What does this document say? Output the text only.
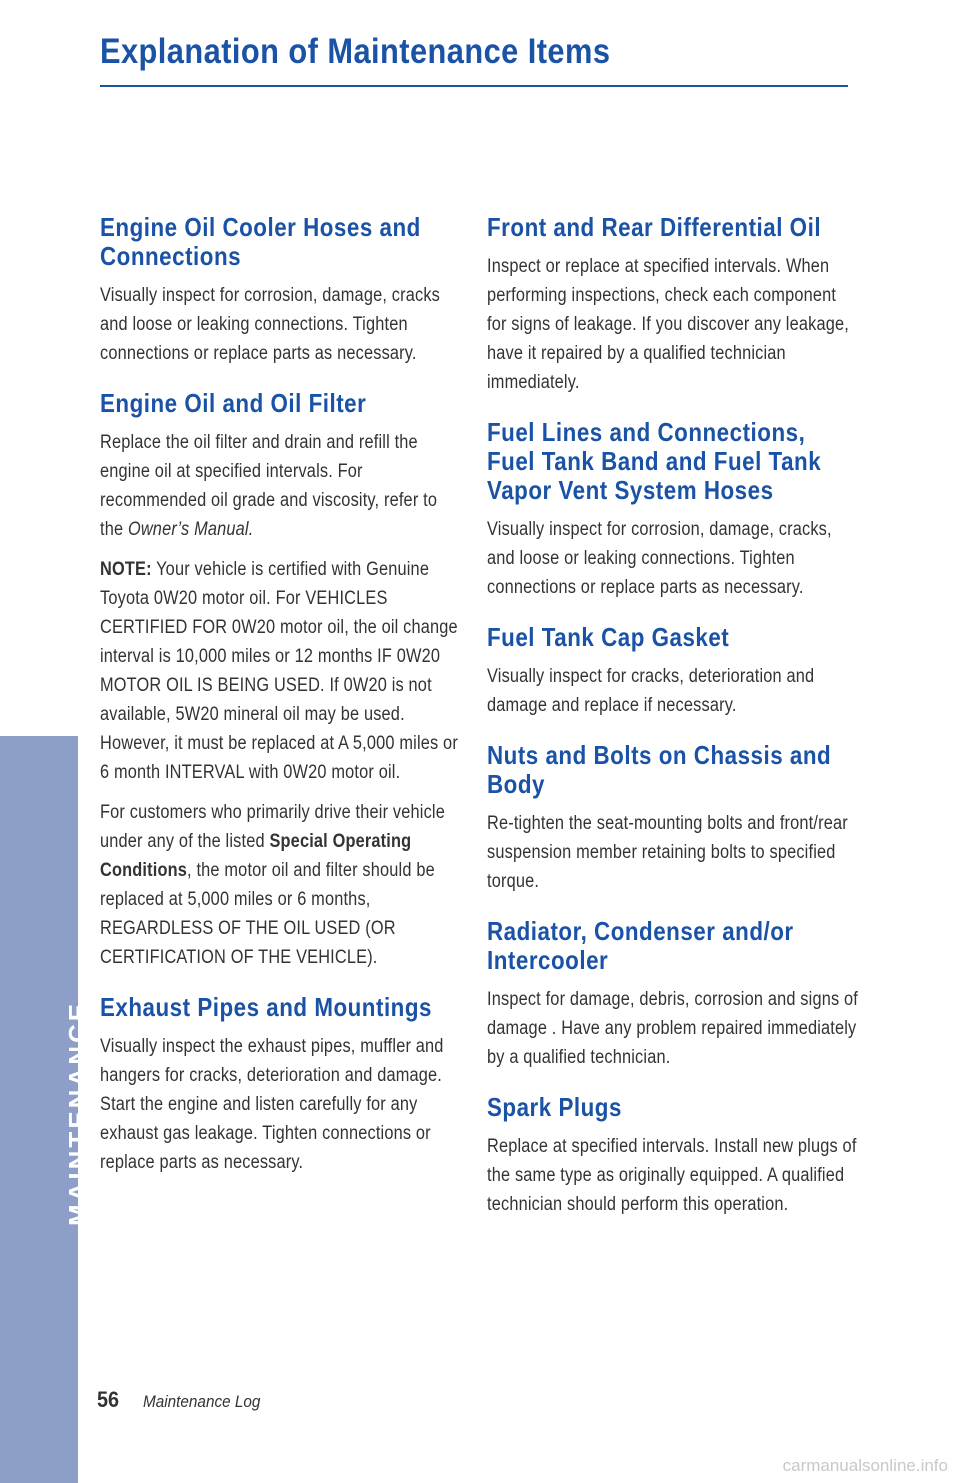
Explanation of Maintenance Items
Engine Oil Cooler Hoses and Connections

Visually inspect for corrosion, damage, cracks and loose or leaking connections. Tighten connections or replace parts as necessary.

Engine Oil and Oil Filter

Replace the oil filter and drain and refill the engine oil at specified intervals. For recommended oil grade and viscosity, refer to the Owner’s Manual.

NOTE: Your vehicle is certified with Genuine Toyota 0W20 motor oil. For VEHICLES CERTIFIED FOR 0W20 motor oil, the oil change interval is 10,000 miles or 12 months IF 0W20 MOTOR OIL IS BEING USED. If 0W20 is not available, 5W20 mineral oil may be used. However, it must be replaced at A 5,000 miles or 6 month INTERVAL with 0W20 motor oil.

For customers who primarily drive their vehicle under any of the listed Special Operating Conditions, the motor oil and filter should be replaced at 5,000 miles or 6 months, REGARDLESS OF THE OIL USED (OR CERTIFICATION OF THE VEHICLE).

Exhaust Pipes and Mountings

Visually inspect the exhaust pipes, muffler and hangers for cracks, deterioration and damage. Start the engine and listen carefully for any exhaust gas leakage. Tighten connections or replace parts as necessary.

Front and Rear Differential Oil

Inspect or replace at specified intervals. When performing inspections, check each component for signs of leakage. If you discover any leakage, have it repaired by a qualified technician immediately.

Fuel Lines and Connections, Fuel Tank Band and Fuel Tank Vapor Vent System Hoses

Visually inspect for corrosion, damage, cracks, and loose or leaking connections. Tighten connections or replace parts as necessary.

Fuel Tank Cap Gasket

Visually inspect for cracks, deterioration and damage and replace if necessary.

Nuts and Bolts on Chassis and Body

Re-tighten the seat-mounting bolts and front/rear suspension member retaining bolts to specified torque.

Radiator, Condenser and/or Intercooler

Inspect for damage, debris, corrosion and signs of damage . Have any problem repaired immediately by a qualified technician.

Spark Plugs

Replace at specified intervals. Install new plugs of the same type as originally equipped. A qualified technician should perform this operation.

MAINTENANCE
56 Maintenance Log
carmanualsonline.info
